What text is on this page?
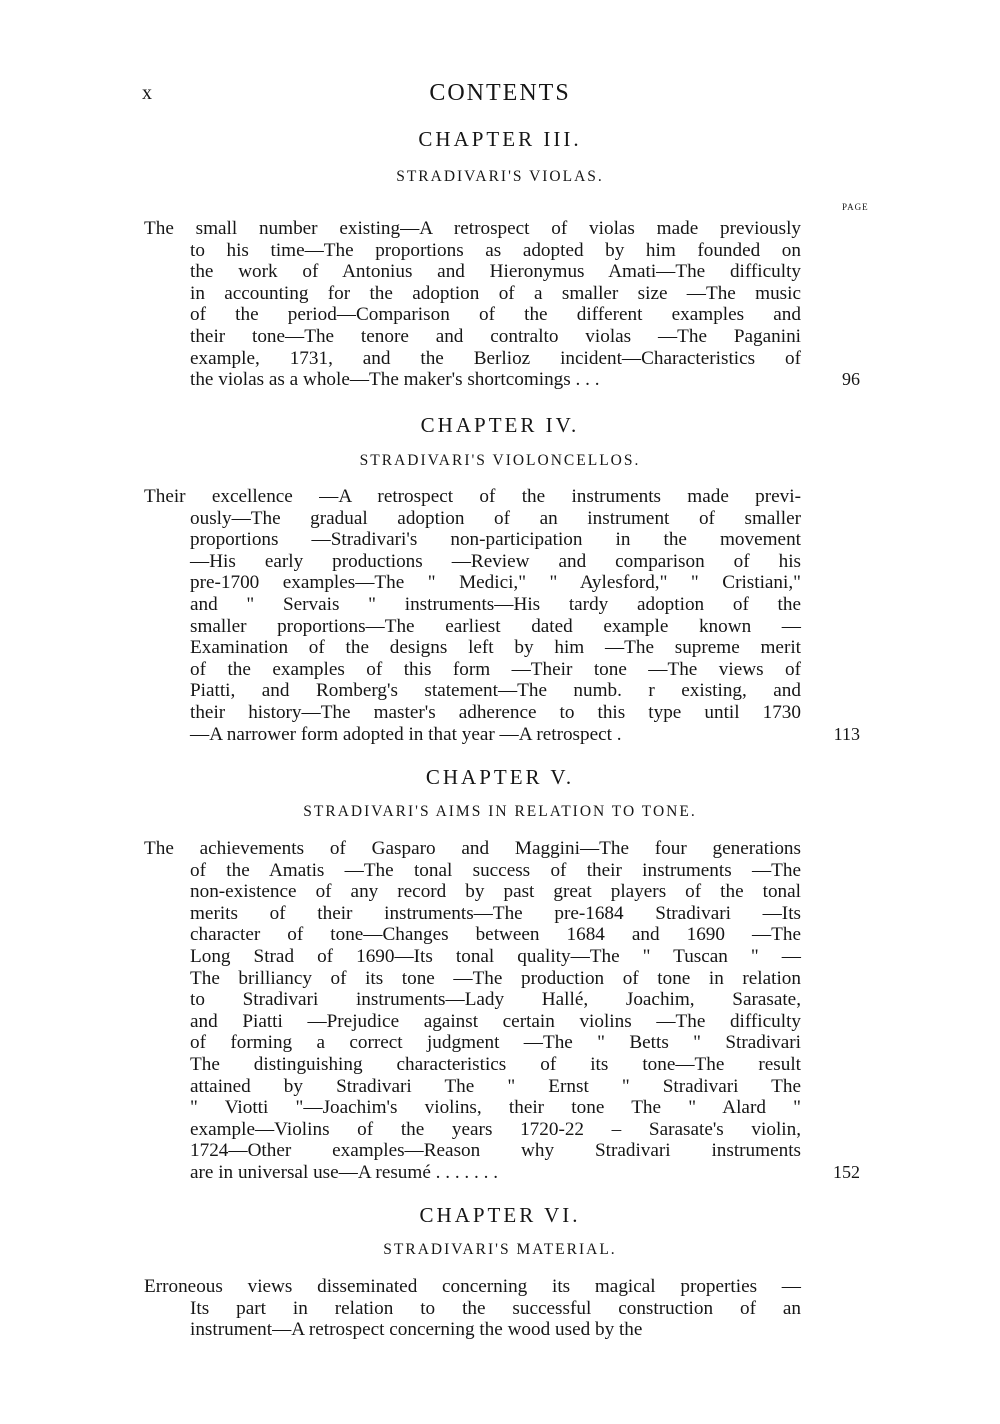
x	CONTENTS
CHAPTER III.
STRADIVARI'S VIOLAS.
PAGE
The small number existing—A retrospect of violas made previously
to his time—The proportions as adopted by him founded on
the work of Antonius and Hieronymus Amati—The difficulty
in accounting for the adoption of a smaller size —The music
of the period—Comparison of the different examples and
their tone—The tenore and contralto violas —The Paganini
example, 1731, and the Berlioz incident—Characteristics of
the violas as a whole—The maker's shortcomings . . .	96
CHAPTER IV.
STRADIVARI'S VIOLONCELLOS.
Their excellence —A retrospect of the instruments made previ-
ously—The gradual adoption of an instrument of smaller
proportions —Stradivari's non-participation in the movement
—His early productions —Review and comparison of his
pre-1700 examples—The " Medici," " Aylesford," " Cristiani,"
and " Servais " instruments—His tardy adoption of the
smaller proportions—The earliest dated example known —
Examination of the designs left by him —The supreme merit
of the examples of this form —Their tone —The views of
Piatti, and Romberg's statement—The numb. r existing, and
their history—The master's adherence to this type until 1730
—A narrower form adopted in that year —A retrospect .	113
CHAPTER V.
STRADIVARI'S AIMS IN RELATION TO TONE.
The achievements of Gasparo and Maggini—The four generations
of the Amatis —The tonal success of their instruments —The
non-existence of any record by past great players of the tonal
merits of their instruments—The pre-1684 Stradivari —Its
character of tone—Changes between 1684 and 1690 —The
Long Strad of 1690—Its tonal quality—The " Tuscan " —
The brilliancy of its tone —The production of tone in relation
to Stradivari instruments—Lady Hallé, Joachim, Sarasate,
and Piatti —Prejudice against certain violins —The difficulty
of forming a correct judgment —The " Betts " Stradivari
The distinguishing characteristics of its tone—The result
attained by Stradivari The " Ernst " Stradivari The
" Viotti "—Joachim's violins, their tone The " Alard "
example—Violins of the years 1720-22 – Sarasate's violin,
1724—Other examples—Reason why Stradivari instruments
are in universal use—A resumé . . . . . . .	152
CHAPTER VI.
STRADIVARI'S MATERIAL.
Erroneous views disseminated concerning its magical properties —
Its part in relation to the successful construction of an
instrument—A retrospect concerning the wood used by the
